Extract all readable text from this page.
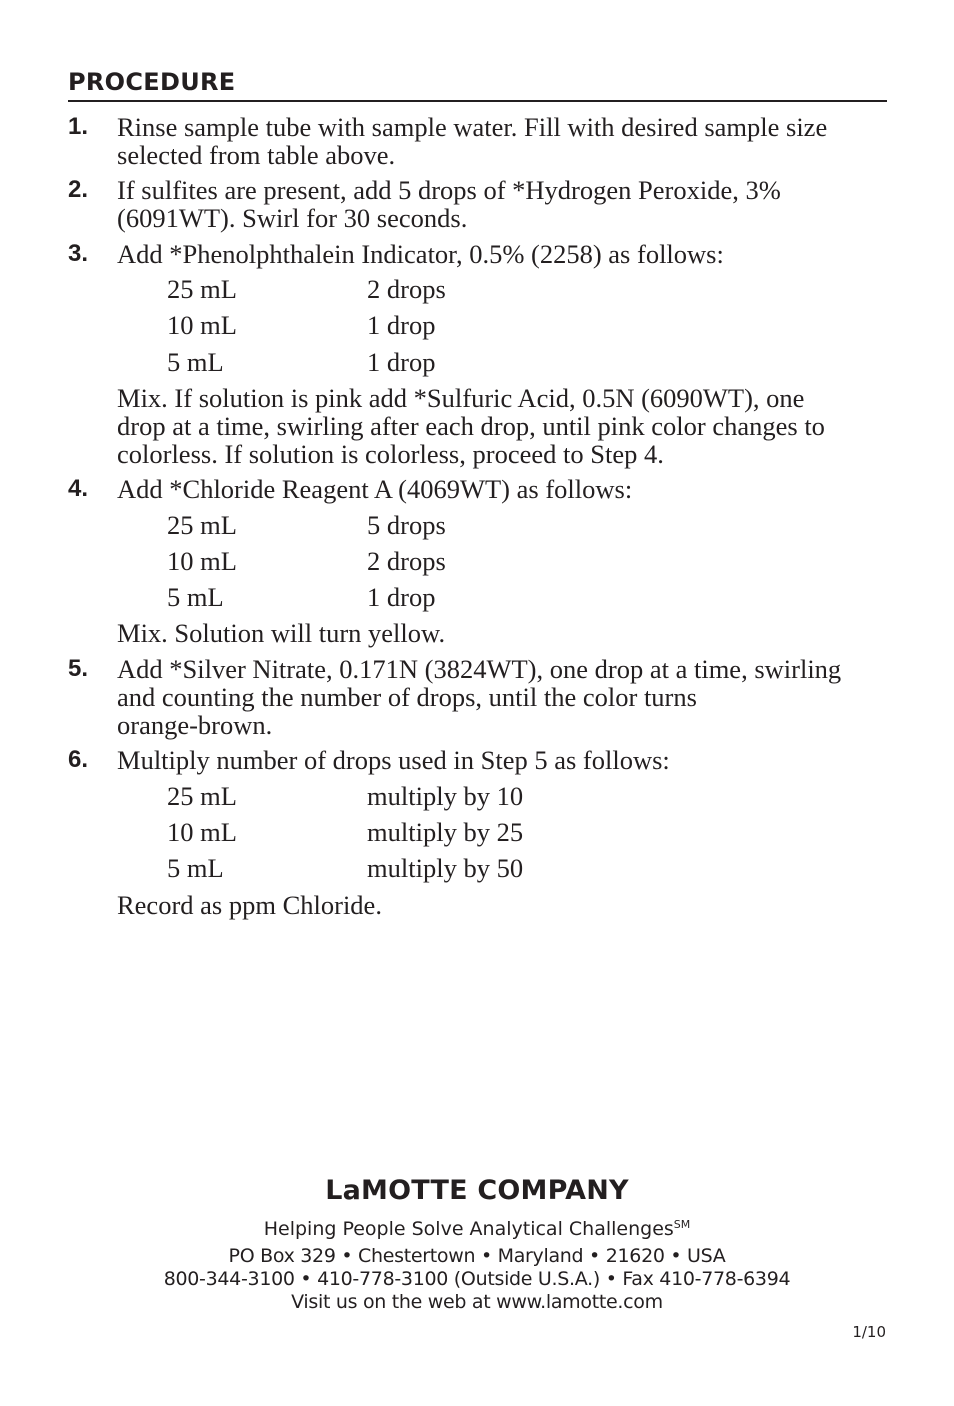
PROCEDURE
1. Rinse sample tube with sample water. Fill with desired sample size
selected from table above.
2. If sulfites are present, add 5 drops of *Hydrogen Peroxide, 3%
(6091WT). Swirl for 30 seconds.
3. Add *Phenolphthalein Indicator, 0.5% (2258) as follows:
25 mL	2 drops
10 mL	1 drop
5 mL	1 drop
Mix. If solution is pink add *Sulfuric Acid, 0.5N (6090WT), one
drop at a time, swirling after each drop, until pink color changes to
colorless. If solution is colorless, proceed to Step 4.
4. Add *Chloride Reagent A (4069WT) as follows:
25 mL	5 drops
10 mL	2 drops
5 mL	1 drop
Mix. Solution will turn yellow.
5. Add *Silver Nitrate, 0.171N (3824WT), one drop at a time, swirling
and counting the number of drops, until the color turns
orange-brown.
6. Multiply number of drops used in Step 5 as follows:
25 mL	multiply by 10
10 mL	multiply by 25
5 mL	multiply by 50
Record as ppm Chloride.
LaMOTTE COMPANY
Helping People Solve Analytical Challenges℠
PO Box 329 • Chestertown • Maryland • 21620 • USA
800-344-3100 • 410-778-3100 (Outside U.S.A.) • Fax 410-778-6394
Visit us on the web at www.lamotte.com
1/10
